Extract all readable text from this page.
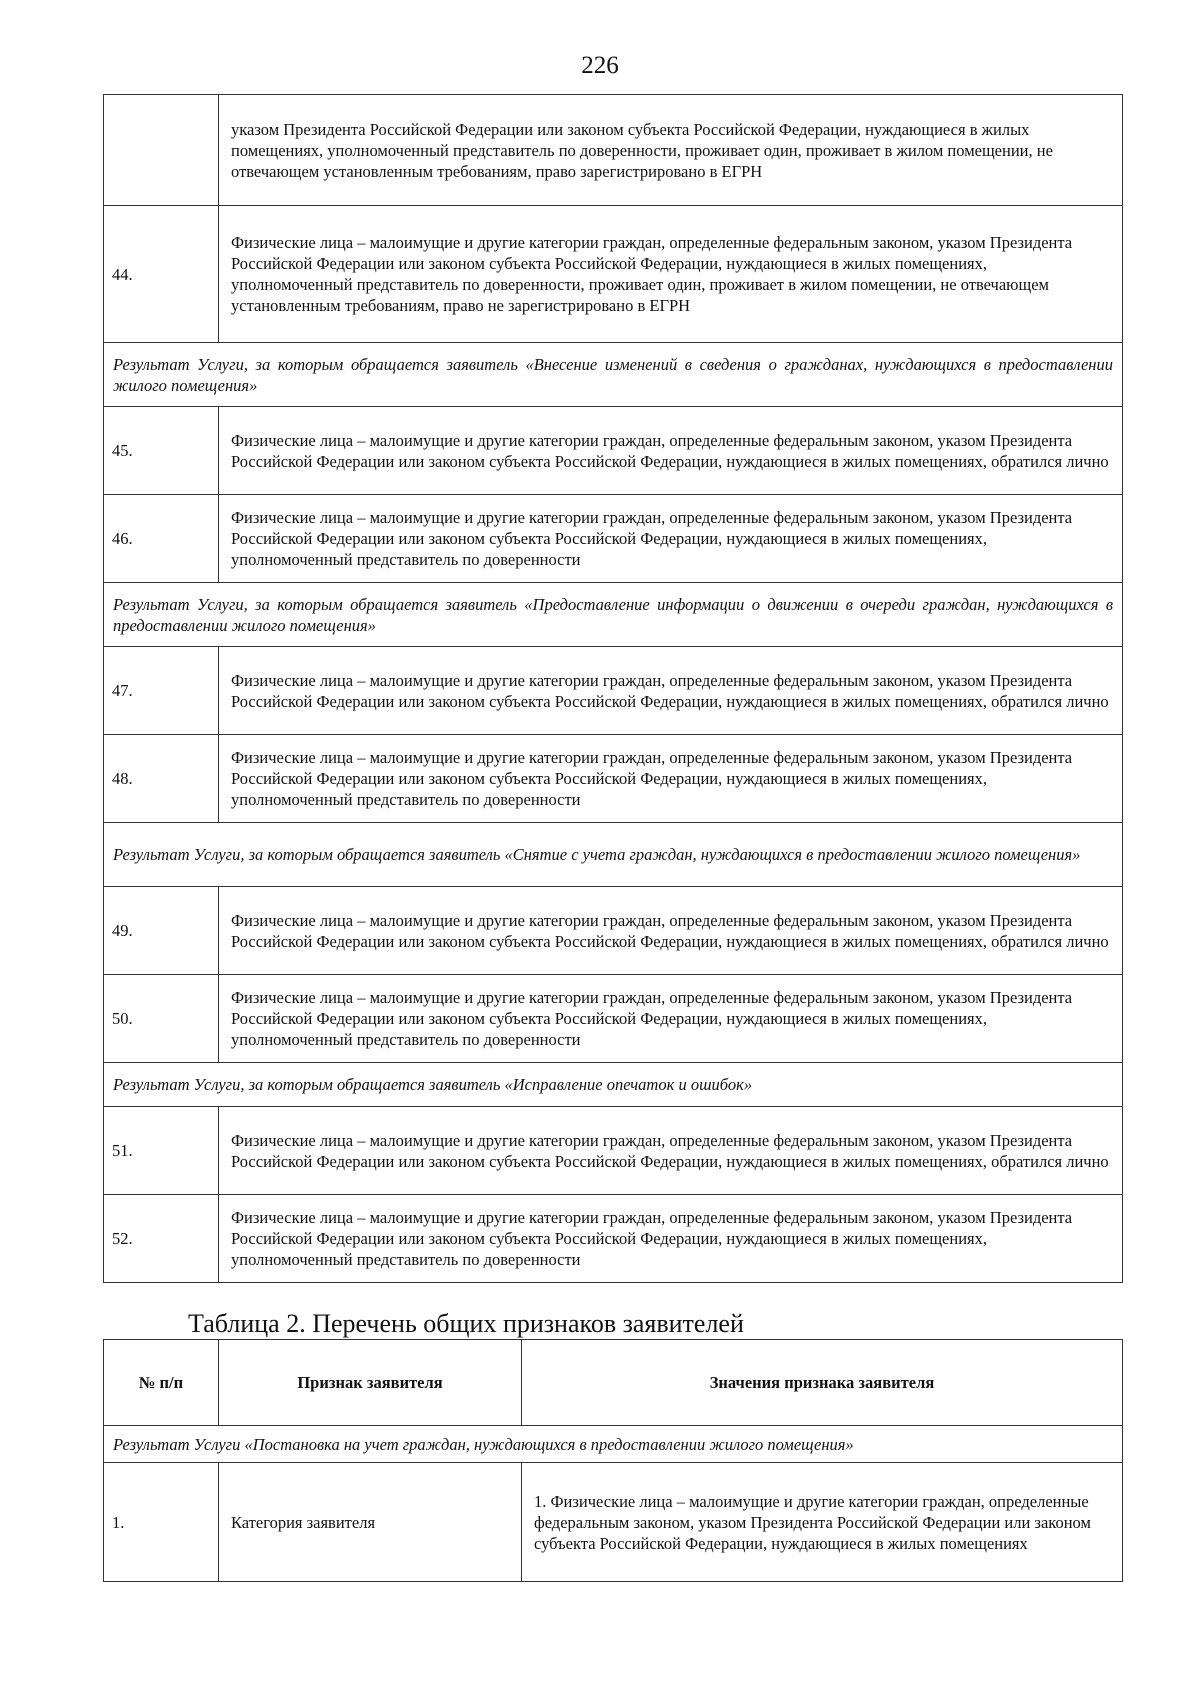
226
	указом Президента Российской Федерации или законом субъекта Российской Федерации, нуждающиеся в жилых помещениях, уполномоченный представитель по доверенности, проживает один, проживает в жилом помещении, не отвечающем установленным требованиям, право зарегистрировано в ЕГРН
44.	Физические лица – малоимущие и другие категории граждан, определенные федеральным законом, указом Президента Российской Федерации или законом субъекта Российской Федерации, нуждающиеся в жилых помещениях, уполномоченный представитель по доверенности, проживает один, проживает в жилом помещении, не отвечающем установленным требованиям, право не зарегистрировано в ЕГРН
Результат Услуги, за которым обращается заявитель «Внесение изменений в сведения о гражданах, нуждающихся в предоставлении жилого помещения»	
45.	Физические лица – малоимущие и другие категории граждан, определенные федеральным законом, указом Президента Российской Федерации или законом субъекта Российской Федерации, нуждающиеся в жилых помещениях, обратился лично
46.	Физические лица – малоимущие и другие категории граждан, определенные федеральным законом, указом Президента Российской Федерации или законом субъекта Российской Федерации, нуждающиеся в жилых помещениях, уполномоченный представитель по доверенности
Результат Услуги, за которым обращается заявитель «Предоставление информации о движении в очереди граждан, нуждающихся в предоставлении жилого помещения»	
47.	Физические лица – малоимущие и другие категории граждан, определенные федеральным законом, указом Президента Российской Федерации или законом субъекта Российской Федерации, нуждающиеся в жилых помещениях, обратился лично
48.	Физические лица – малоимущие и другие категории граждан, определенные федеральным законом, указом Президента Российской Федерации или законом субъекта Российской Федерации, нуждающиеся в жилых помещениях, уполномоченный представитель по доверенности
Результат Услуги, за которым обращается заявитель «Снятие с учета граждан, нуждающихся в предоставлении жилого помещения»	
49.	Физические лица – малоимущие и другие категории граждан, определенные федеральным законом, указом Президента Российской Федерации или законом субъекта Российской Федерации, нуждающиеся в жилых помещениях, обратился лично
50.	Физические лица – малоимущие и другие категории граждан, определенные федеральным законом, указом Президента Российской Федерации или законом субъекта Российской Федерации, нуждающиеся в жилых помещениях, уполномоченный представитель по доверенности
Результат Услуги, за которым обращается заявитель «Исправление опечаток и ошибок»	
51.	Физические лица – малоимущие и другие категории граждан, определенные федеральным законом, указом Президента Российской Федерации или законом субъекта Российской Федерации, нуждающиеся в жилых помещениях, обратился лично
52.	Физические лица – малоимущие и другие категории граждан, определенные федеральным законом, указом Президента Российской Федерации или законом субъекта Российской Федерации, нуждающиеся в жилых помещениях, уполномоченный представитель по доверенности
Таблица 2. Перечень общих признаков заявителей
№ п/п	Признак заявителя	Значения признака заявителя
Результат Услуги «Постановка на учет граждан, нуждающихся в предоставлении жилого помещения»		
1.	Категория заявителя	1. Физические лица – малоимущие и другие категории граждан, определенные федеральным законом, указом Президента Российской Федерации или законом субъекта Российской Федерации, нуждающиеся в жилых помещениях
